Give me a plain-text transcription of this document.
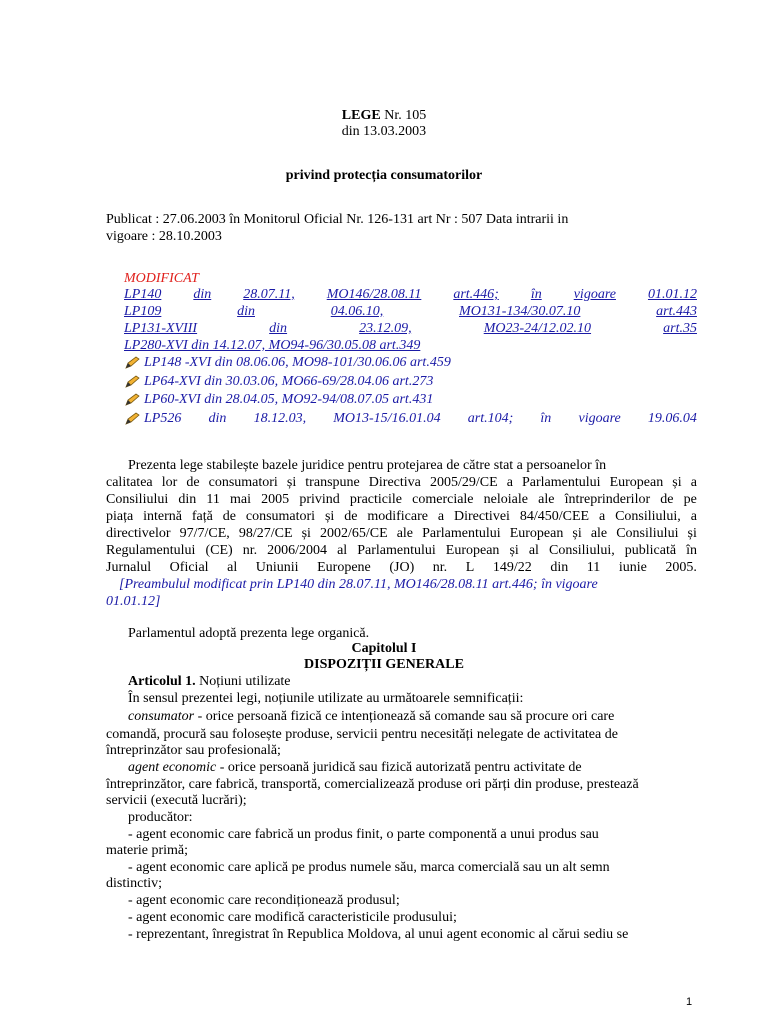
LEGE Nr. 105
din 13.03.2003
privind protecția consumatorilor
Publicat : 27.06.2003 în Monitorul Oficial Nr. 126-131 art Nr : 507 Data intrarii in
vigoare : 28.10.2003
MODIFICAT
LP140 din 28.07.11, MO146/28.08.11 art.446; în vigoare 01.01.12
LP109	din	04.06.10,	MO131-134/30.07.10	art.443
LP131-XVIII	din	23.12.09,	MO23-24/12.02.10	art.35
LP280-XVI din 14.12.07, MO94-96/30.05.08 art.349
LP148 -XVI din 08.06.06, MO98-101/30.06.06 art.459
LP64-XVI din 30.03.06, MO66-69/28.04.06 art.273
LP60-XVI din 28.04.05, MO92-94/08.07.05 art.431
LP526 din 18.12.03, MO13-15/16.01.04 art.104; în vigoare 19.06.04
Prezenta lege stabilește bazele juridice pentru protejarea de către stat a persoanelor în
calitatea lor de consumatori și transpune Directiva 2005/29/CE a Parlamentului European și a
Consiliului din 11 mai 2005 privind practicile comerciale neloiale ale întreprinderilor de pe
piața internă față de consumatori și de modificare a Directivei 84/450/CEE a Consiliului, a
directivelor 97/7/CE, 98/27/CE și 2002/65/CE ale Parlamentului European și ale Consiliului și
Regulamentului (CE) nr. 2006/2004 al Parlamentului European și al Consiliului, publicată în
Jurnalul Oficial al Uniunii Europene (JO) nr. L 149/22 din 11 iunie 2005.
[Preambulul modificat prin LP140 din 28.07.11, MO146/28.08.11 art.446; în vigoare
01.01.12]
Parlamentul adoptă prezenta lege organică.
Capitolul I
DISPOZIȚII GENERALE
Articolul 1. Noțiuni utilizate
În sensul prezentei legi, noțiunile utilizate au următoarele semnificații:
consumator - orice persoană fizică ce intenționează să comande sau să procure ori care
comandă, procură sau folosește produse, servicii pentru necesități nelegate de activitatea de
întreprinzător sau profesională;
agent economic - orice persoană juridică sau fizică autorizată pentru activitate de
întreprinzător, care fabrică, transportă, comercializează produse ori părți din produse, prestează
servicii (execută lucrări);
producător:
- agent economic care fabrică un produs finit, o parte componentă a unui produs sau
materie primă;
- agent economic care aplică pe produs numele său, marca comercială sau un alt semn
distinctiv;
- agent economic care recondiționează produsul;
- agent economic care modifică caracteristicile produsului;
- reprezentant, înregistrat în Republica Moldova, al unui agent economic al cărui sediu se
1
